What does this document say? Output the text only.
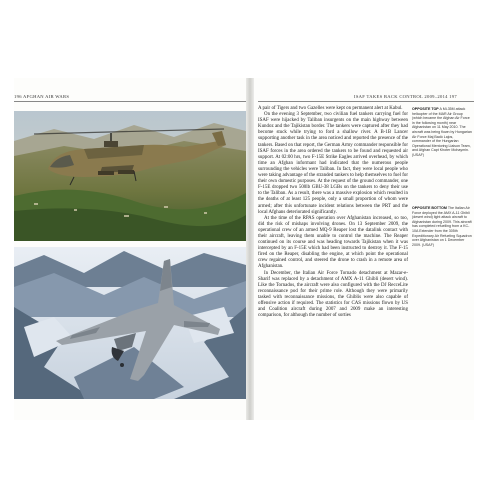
196 AFGHAN AIR WARS	ISAF TAKES BACK CONTROL 2009–2014 197

A pair of Tigers and two Gazelles were kept on permanent alert at Kabul.

On the evening 3 September, two civilian fuel tankers carrying fuel for ISAF were hijacked by Taliban insurgents on the main highway between Kundoz and the Tajikistan border. The tankers were captured after they had become stuck while trying to ford a shallow river. A B-1B Lancer supporting another task in the area noticed and reported the presence of the tankers. Based on that report, the German Army commander responsible for ISAF forces in the area ordered the tankers to be found and requested air support. At 02:00 hrs, two F-15E Strike Eagles arrived overhead, by which time an Afghan informant had indicated that the numerous people surrounding the vehicles were Taliban. In fact, they were local people who were taking advantage of the stranded tankers to help themselves to fuel for their own domestic purposes. At the request of the ground commander, one F-15E dropped two 500lb GBU-38 LGBs on the tankers to deny their use to the Taliban. As a result, there was a massive explosion which resulted in the deaths of at least 125 people, only a small proportion of whom were armed; after this unfortunate incident relations between the PRT and the local Afghans deteriorated significantly.

At the time of the RPAS operation over Afghanistan increased, so too, did the risk of mishaps involving drones. On 13 September 2009, the operational crew of an armed MQ-9 Reaper lost the datalink contact with their aircraft, leaving them unable to control the machine. The Reaper continued on its course and was heading towards Tajikistan when it was intercepted by an F-15E which had been instructed to destroy it. The F-15 fired on the Reaper, disabling the engine, at which point the operational crew regained control, and steered the drone to crash in a remote area of Afghanistan.

In December, the Italian Air Force Tornado detachment at Mazar-e-Sharif was replaced by a detachment of AMX A-11 Ghibli (desert wind). Like the Tornados, the aircraft were also configured with the DJ RecceLite reconnaissance pod for their prime role. Although they were primarily tasked with reconnaissance missions, the Ghiblis were also capable of offensive action if required. The statistics for CAS missions flown by US and Coalition aircraft during 2007 and 2009 make an interesting comparison, for although the number of sorties

OPPOSITE TOP A Mi-35M attack helicopter of the MAR Air Group (which became the Afghan Air Force in the following month) near Afghanistan on 11 May 2010. The aircraft was being flown by Hungarian Air Force Maj Badó Lajos, commander of the Hungarian Operational Mentoring Liaison Team, and Afghan Capt Khoter Mohaymin. (USAF)
OPPOSITE BOTTOM The Italian Air Force deployed the AMX A-11 Ghibli (desert wind) light attack aircraft to Afghanistan during 2009. This aircraft has completed refuelling from a KC-10A Extender from the 305th Expeditionary Air Refueling Squadron over Afghanistan on 1 December 2009. (USAF)
